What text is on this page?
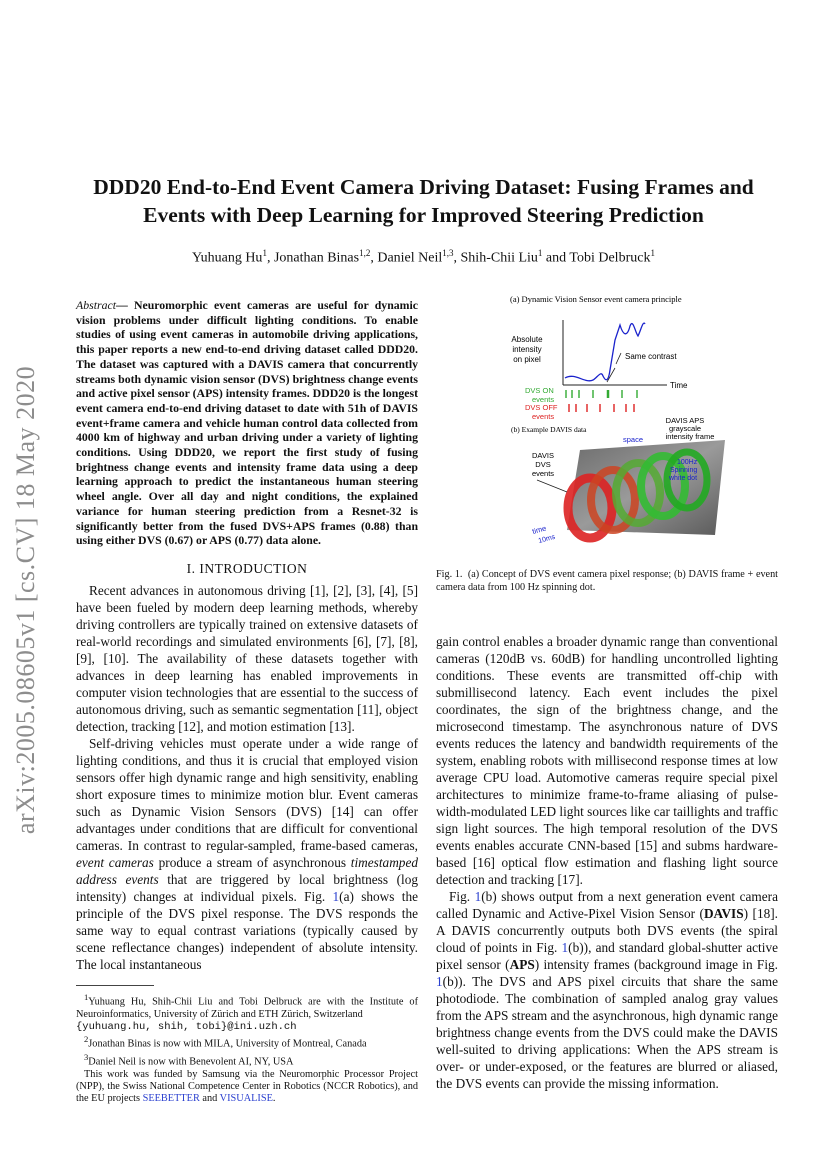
arXiv:2005.08605v1 [cs.CV] 18 May 2020
DDD20 End-to-End Event Camera Driving Dataset: Fusing Frames and Events with Deep Learning for Improved Steering Prediction
Yuhuang Hu$^1$, Jonathan Binas$^{1,2}$, Daniel Neil$^{1,3}$, Shih-Chii Liu$^1$ and Tobi Delbruck$^1$
Abstract— Neuromorphic event cameras are useful for dynamic vision problems under difficult lighting conditions. To enable studies of using event cameras in automobile driving applications, this paper reports a new end-to-end driving dataset called DDD20. The dataset was captured with a DAVIS camera that concurrently streams both dynamic vision sensor (DVS) brightness change events and active pixel sensor (APS) intensity frames. DDD20 is the longest event camera end-to-end driving dataset to date with 51h of DAVIS event+frame camera and vehicle human control data collected from 4000 km of highway and urban driving under a variety of lighting conditions. Using DDD20, we report the first study of fusing brightness change events and intensity frame data using a deep learning approach to predict the instantaneous human steering wheel angle. Over all day and night conditions, the explained variance for human steering prediction from a Resnet-32 is significantly better from the fused DVS+APS frames (0.88) than using either DVS (0.67) or APS (0.77) data alone.
I. INTRODUCTION

Recent advances in autonomous driving [1], [2], [3], [4], [5] have been fueled by modern deep learning methods, whereby driving controllers are typically trained on extensive datasets of real-world recordings and simulated environments [6], [7], [8], [9], [10]. The availability of these datasets together with advances in deep learning has enabled improvements in computer vision technologies that are essential to the success of autonomous driving, such as semantic segmentation [11], object detection, tracking [12], and motion estimation [13].

Self-driving vehicles must operate under a wide range of lighting conditions, and thus it is crucial that employed vision sensors offer high dynamic range and high sensitivity, enabling short exposure times to minimize motion blur. Event cameras such as Dynamic Vision Sensors (DVS) [14] can offer advantages under conditions that are difficult for conventional cameras. In contrast to regular-sampled, frame-based cameras, event cameras produce a stream of asynchronous timestamped address events that are triggered by local brightness (log intensity) changes at individual pixels. Fig. 1(a) shows the principle of the DVS pixel response. The DVS responds the same way to equal contrast variations (typically caused by scene reflectance changes) independent of absolute intensity. The local instantaneous

$^1$Yuhuang Hu, Shih-Chii Liu and Tobi Delbruck are with the Institute of Neuroinformatics, University of Zürich and ETH Zürich, Switzerland
{yuhuang.hu, shih, tobi}@ini.uzh.ch

$^2$Jonathan Binas is now with MILA, University of Montreal, Canada

$^3$Daniel Neil is now with Benevolent AI, NY, USA

This work was funded by Samsung via the Neuromorphic Processor Project (NPP), the Swiss National Competence Center in Robotics (NCCR Robotics), and the EU projects SEEBETTER and VISUALISE.

(a) Dynamic Vision Sensor event camera principle
Absolute
intensity
on pixel	Same contrast
Time
DVS ON
events
DVS OFF
events
(b) Example DAVIS data
DAVIS APS
grayscale
intensity frame
space
DAVIS
DVS
events
100Hz
Spinning
white dot
time
10ms
Fig. 1. (a) Concept of DVS event camera pixel response; (b) DAVIS frame + event camera data from 100 Hz spinning dot.

gain control enables a broader dynamic range than conventional cameras (120dB vs. 60dB) for handling uncontrolled lighting conditions. These events are transmitted off-chip with submillisecond latency. Each event includes the pixel coordinates, the sign of the brightness change, and the microsecond timestamp. The asynchronous nature of DVS events reduces the latency and bandwidth requirements of the system, enabling robots with millisecond response times at low average CPU load. Automotive cameras require special pixel architectures to minimize frame-to-frame aliasing of pulse-width-modulated LED light sources like car taillights and traffic sign light sources. The high temporal resolution of the DVS events enables accurate CNN-based [15] and subms hardware-based [16] optical flow estimation and flashing light source detection and tracking [17].

Fig. 1(b) shows output from a next generation event camera called Dynamic and Active-Pixel Vision Sensor (DAVIS) [18]. A DAVIS concurrently outputs both DVS events (the spiral cloud of points in Fig. 1(b)), and standard global-shutter active pixel sensor (APS) intensity frames (background image in Fig. 1(b)). The DVS and APS pixel circuits that share the same photodiode. The combination of sampled analog gray values from the APS stream and the asynchronous, high dynamic range brightness change events from the DVS could make the DAVIS well-suited to driving applications: When the APS stream is over- or under-exposed, or the features are blurred or aliased, the DVS events can provide the missing information.
